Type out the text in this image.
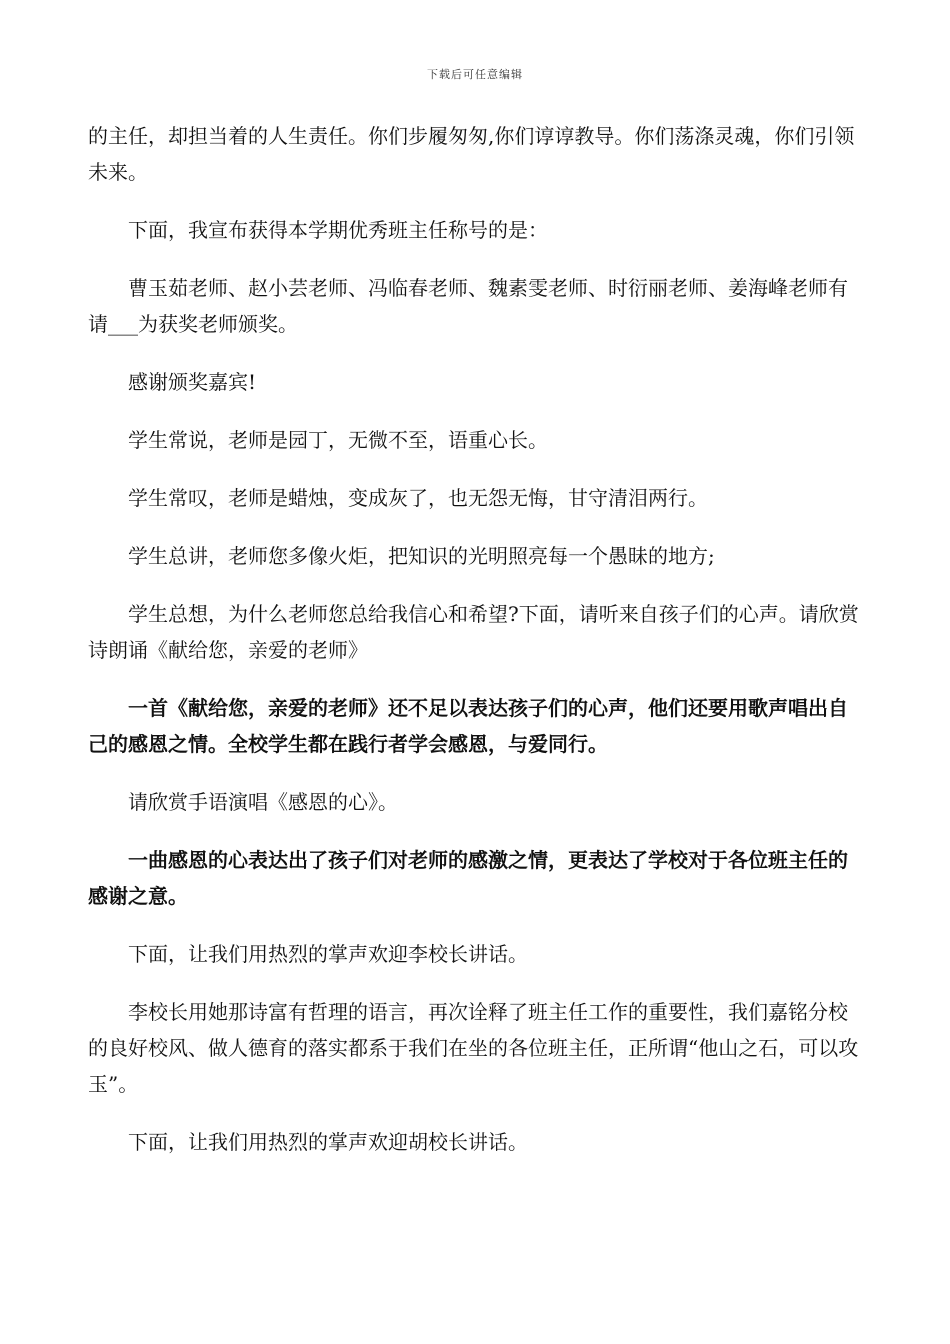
下载后可任意编辑

的主任，却担当着的人生责任。你们步履匆匆,你们谆谆教导。你们荡涤灵魂，你们引领未来。

下面，我宣布获得本学期优秀班主任称号的是：

曹玉茹老师、赵小芸老师、冯临春老师、魏素雯老师、时衍丽老师、姜海峰老师有请___为获奖老师颁奖。

感谢颁奖嘉宾!

学生常说，老师是园丁，无微不至，语重心长。

学生常叹，老师是蜡烛，变成灰了，也无怨无悔，甘守清泪两行。

学生总讲，老师您多像火炬，把知识的光明照亮每一个愚昧的地方;

学生总想，为什么老师您总给我信心和希望?下面，请听来自孩子们的心声。请欣赏诗朗诵《献给您，亲爱的老师》

一首《献给您，亲爱的老师》还不足以表达孩子们的心声，他们还要用歌声唱出自己的感恩之情。全校学生都在践行者学会感恩，与爱同行。

请欣赏手语演唱《感恩的心》。

一曲感恩的心表达出了孩子们对老师的感激之情，更表达了学校对于各位班主任的感谢之意。

下面，让我们用热烈的掌声欢迎李校长讲话。

李校长用她那诗富有哲理的语言，再次诠释了班主任工作的重要性，我们嘉铭分校的良好校风、做人德育的落实都系于我们在坐的各位班主任，正所谓“他山之石，可以攻玉”。

下面，让我们用热烈的掌声欢迎胡校长讲话。
